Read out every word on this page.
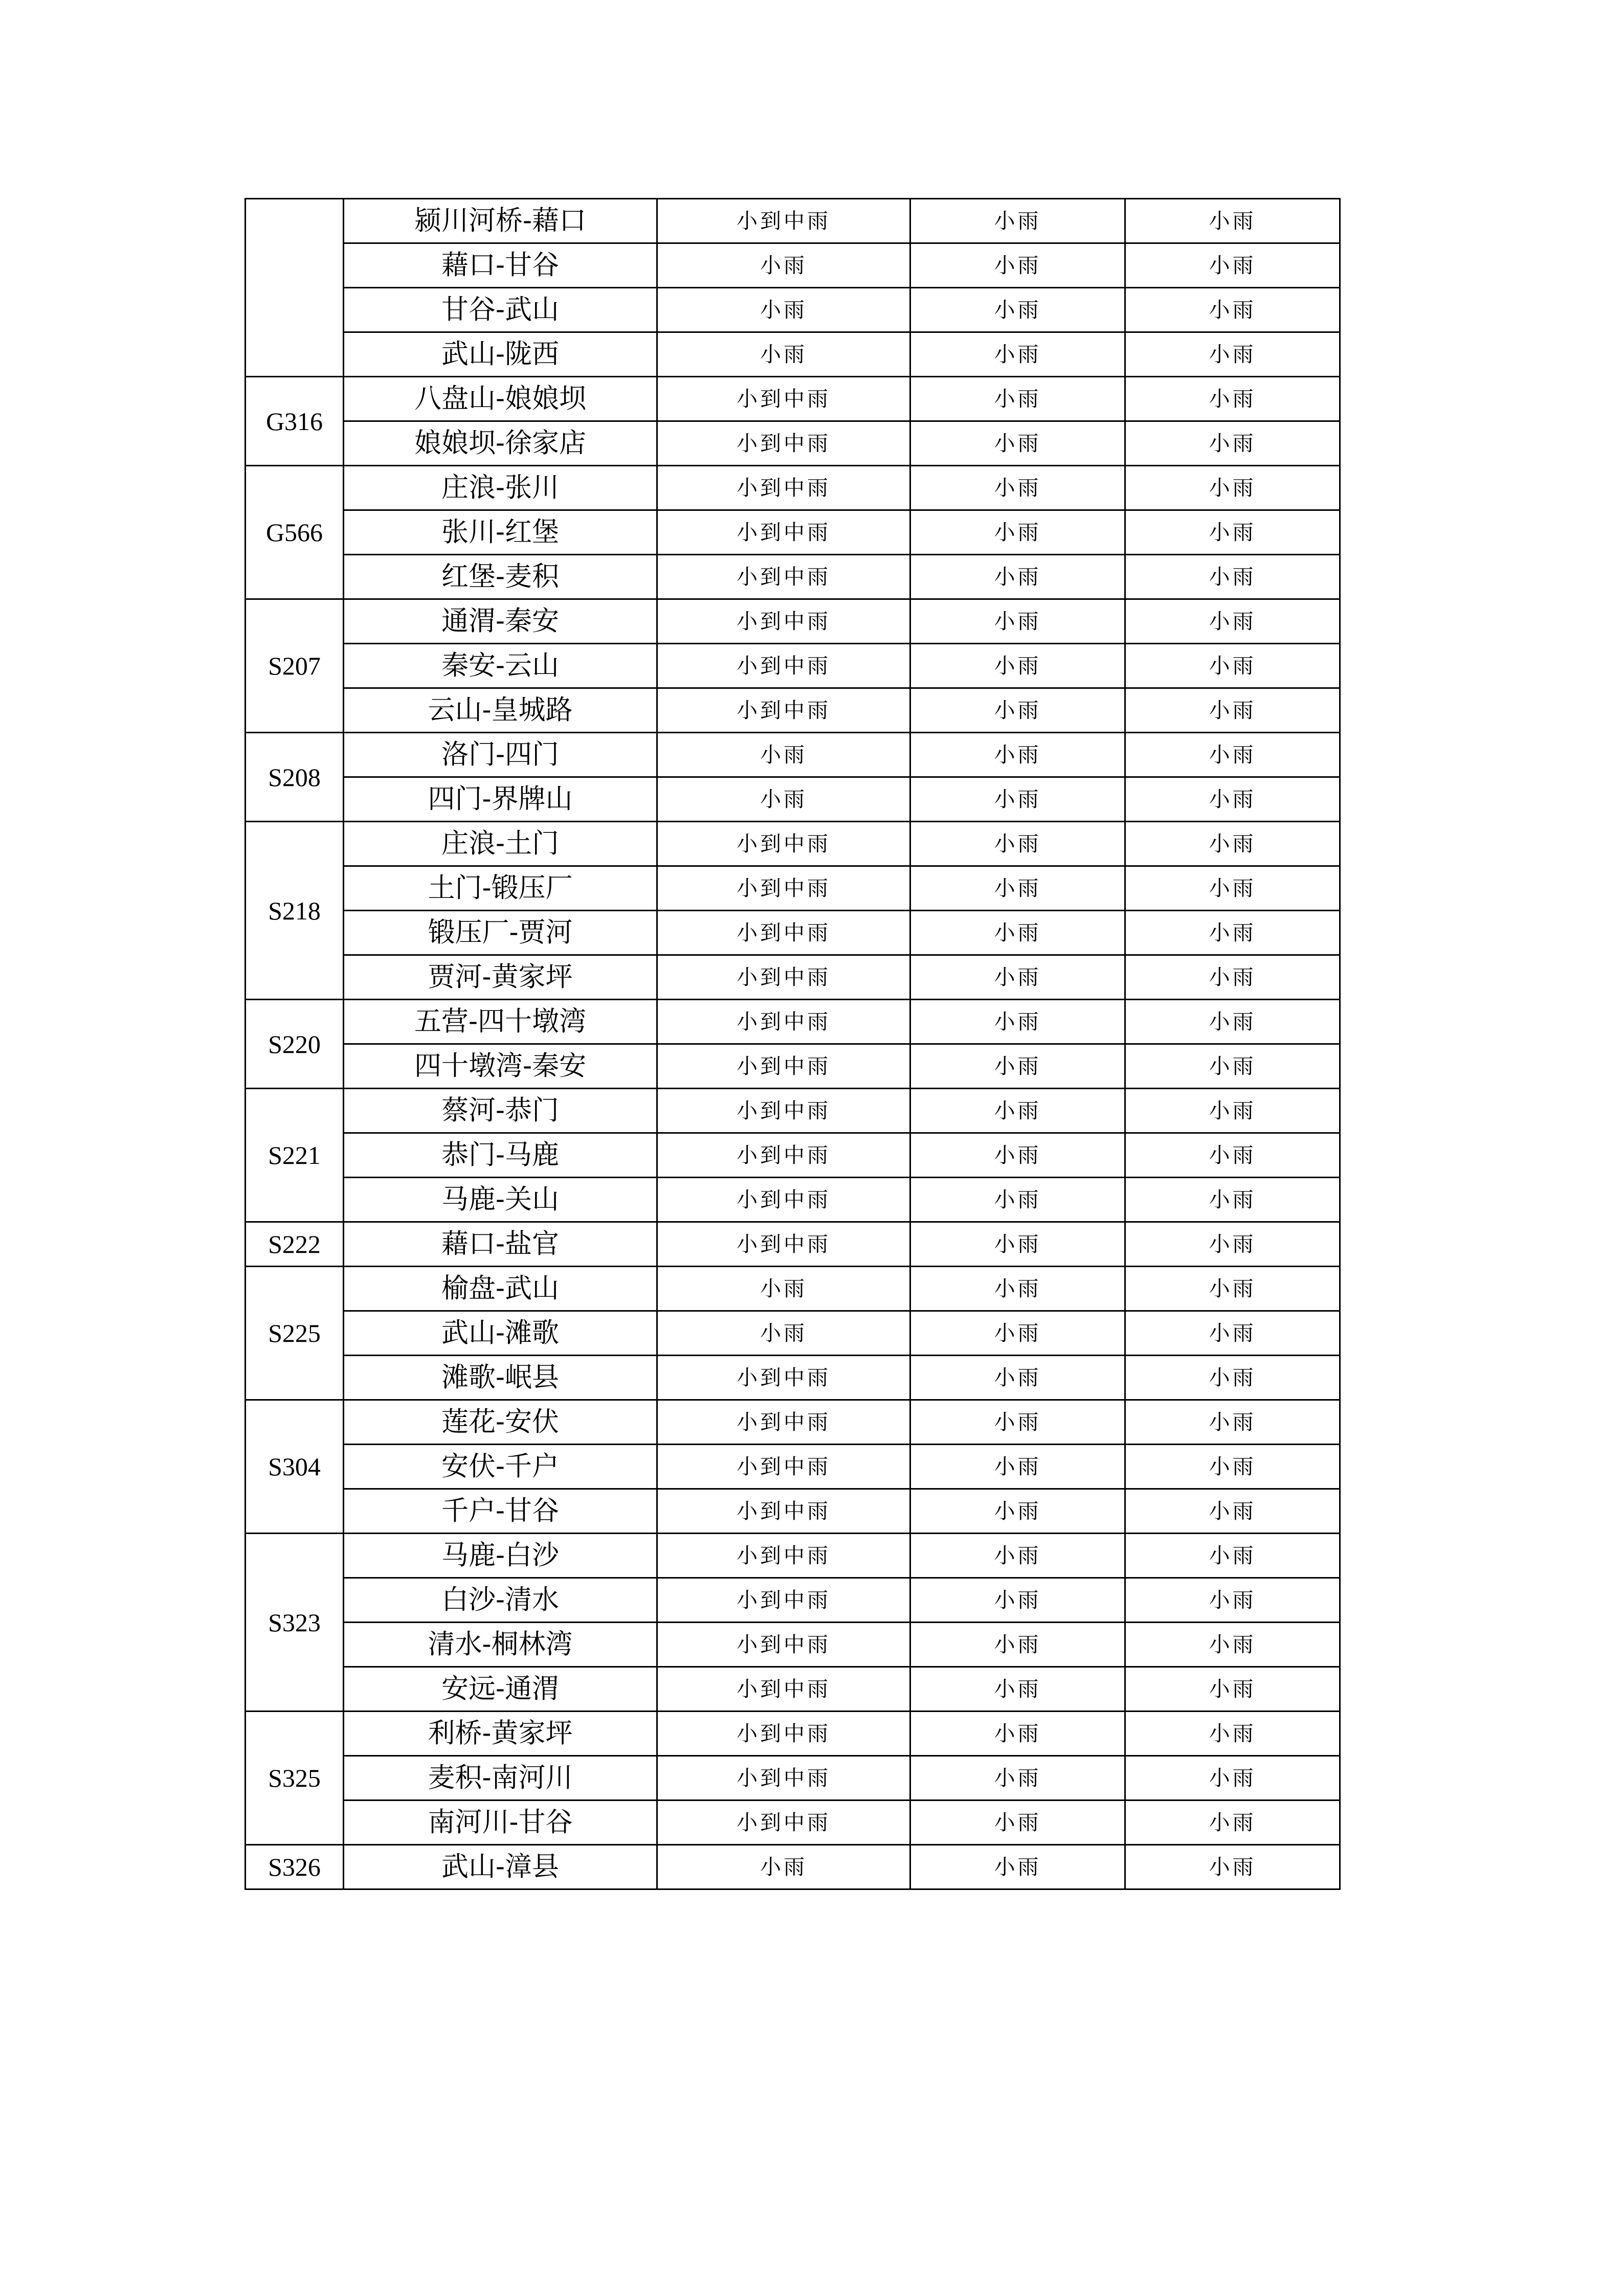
	颍川河桥-藉口	小到中雨	小雨	小雨
	藉口-甘谷	小雨	小雨	小雨
	甘谷-武山	小雨	小雨	小雨
	武山-陇西	小雨	小雨	小雨
G316	八盘山-娘娘坝	小到中雨	小雨	小雨
	娘娘坝-徐家店	小到中雨	小雨	小雨
G566	庄浪-张川	小到中雨	小雨	小雨
	张川-红堡	小到中雨	小雨	小雨
	红堡-麦积	小到中雨	小雨	小雨
S207	通渭-秦安	小到中雨	小雨	小雨
	秦安-云山	小到中雨	小雨	小雨
	云山-皇城路	小到中雨	小雨	小雨
S208	洛门-四门	小雨	小雨	小雨
	四门-界牌山	小雨	小雨	小雨
S218	庄浪-土门	小到中雨	小雨	小雨
	土门-锻压厂	小到中雨	小雨	小雨
	锻压厂-贾河	小到中雨	小雨	小雨
	贾河-黄家坪	小到中雨	小雨	小雨
S220	五营-四十墩湾	小到中雨	小雨	小雨
	四十墩湾-秦安	小到中雨	小雨	小雨
S221	蔡河-恭门	小到中雨	小雨	小雨
	恭门-马鹿	小到中雨	小雨	小雨
	马鹿-关山	小到中雨	小雨	小雨
S222	藉口-盐官	小到中雨	小雨	小雨
S225	榆盘-武山	小雨	小雨	小雨
	武山-滩歌	小雨	小雨	小雨
	滩歌-岷县	小到中雨	小雨	小雨
S304	莲花-安伏	小到中雨	小雨	小雨
	安伏-千户	小到中雨	小雨	小雨
	千户-甘谷	小到中雨	小雨	小雨
S323	马鹿-白沙	小到中雨	小雨	小雨
	白沙-清水	小到中雨	小雨	小雨
	清水-桐林湾	小到中雨	小雨	小雨
	安远-通渭	小到中雨	小雨	小雨
S325	利桥-黄家坪	小到中雨	小雨	小雨
	麦积-南河川	小到中雨	小雨	小雨
	南河川-甘谷	小到中雨	小雨	小雨
S326	武山-漳县	小雨	小雨	小雨
